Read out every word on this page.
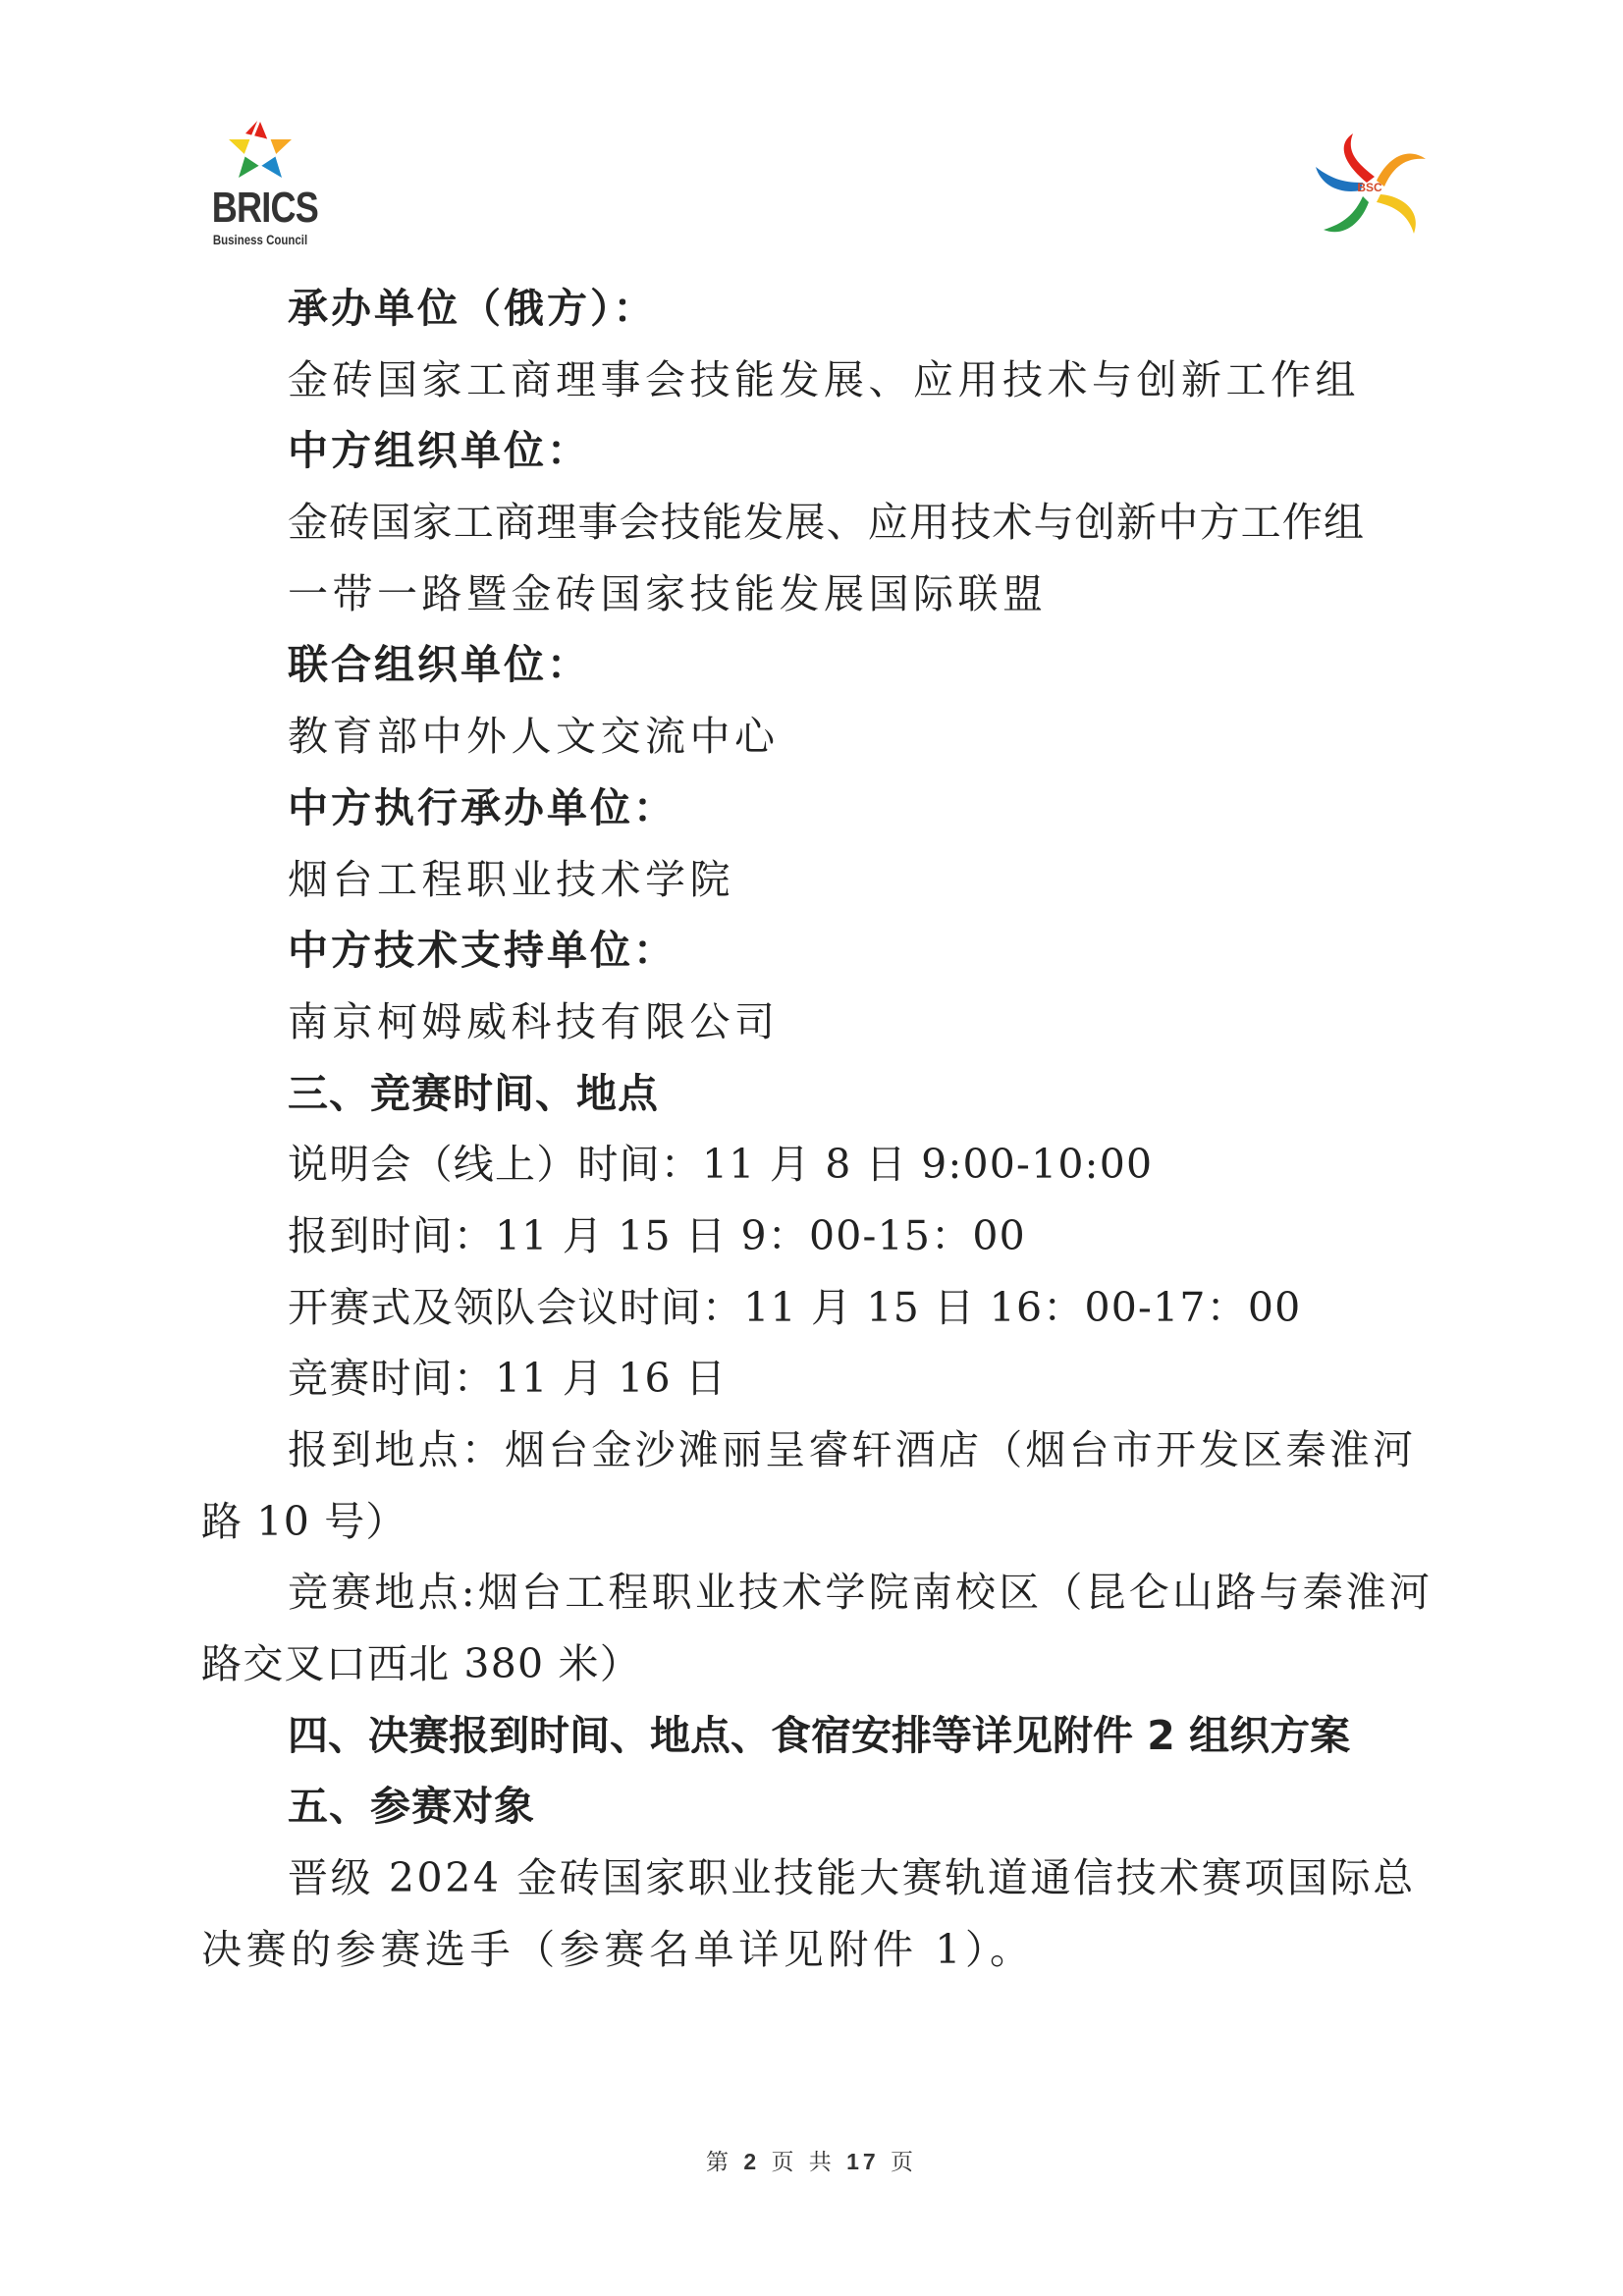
BRICS
Business Council
BSC
承办单位（俄方）：
金砖国家工商理事会技能发展、应用技术与创新工作组
中方组织单位：
金砖国家工商理事会技能发展、应用技术与创新中方工作组
一带一路暨金砖国家技能发展国际联盟
联合组织单位：
教育部中外人文交流中心
中方执行承办单位：
烟台工程职业技术学院
中方技术支持单位：
南京柯姆威科技有限公司
三、竞赛时间、地点
说明会（线上）时间：11 月 8 日 9:00-10:00
报到时间：11 月 15 日 9：00-15：00
开赛式及领队会议时间：11 月 15 日 16：00-17：00
竞赛时间：11 月 16 日
报到地点：烟台金沙滩丽呈睿轩酒店（烟台市开发区秦淮河
路 10 号）
竞赛地点:烟台工程职业技术学院南校区（昆仑山路与秦淮河
路交叉口西北 380 米）
四、决赛报到时间、地点、食宿安排等详见附件 2 组织方案
五、参赛对象
晋级 2024 金砖国家职业技能大赛轨道通信技术赛项国际总
决赛的参赛选手（参赛名单详见附件 1）。
第 2 页 共 17 页
